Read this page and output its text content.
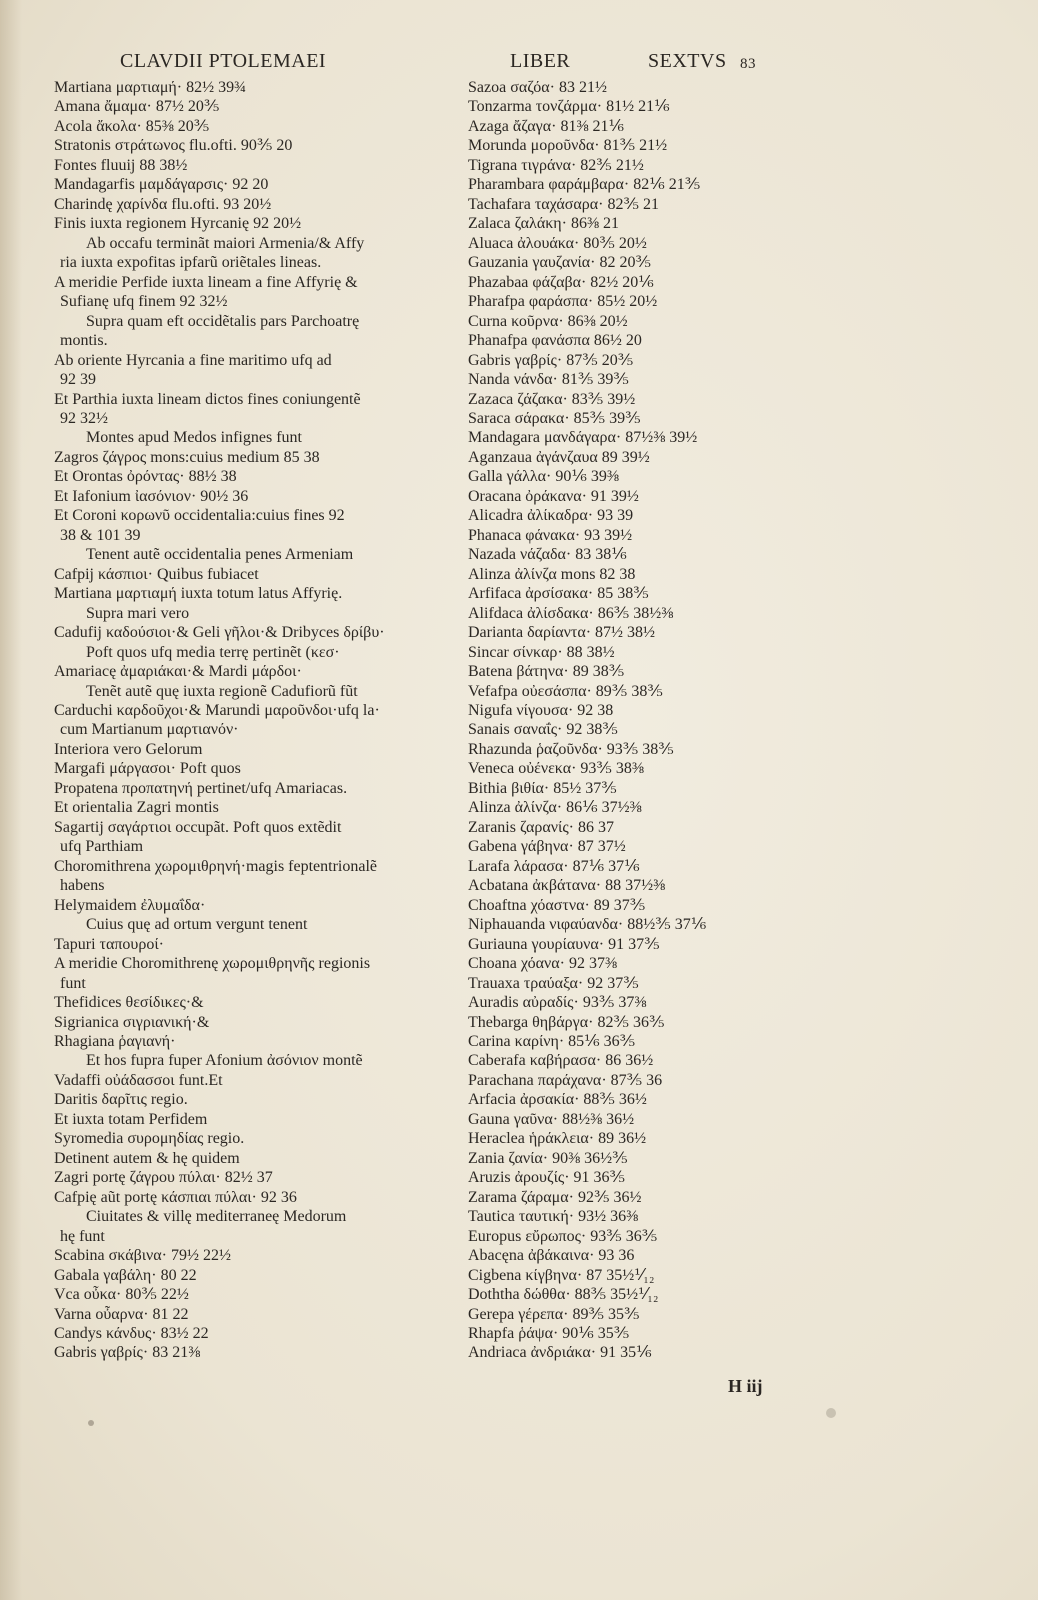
CLAVDII PTOLEMAEI	LIBER	SEXTVS 83
Martiana μαρτιαμή· 82½ 39¾
Amana ἄμαμα· 87½ 20⅗
Acola ἄκολα· 85⅜ 20⅗
Stratonis στράτωνος flu.ofti. 90⅗ 20
Fontes fluuij 88 38½
Mandagarfis μαμδάγαρσις· 92 20
Charindę χαρίνδα flu.ofti. 93 20½
Finis iuxta regionem Hyrcanię 92 20½
Ab occafu terminãt maiori Armenia/& Affy
ria iuxta expofitas ipfarũ oriẽtales lineas.
A meridie Perfide iuxta lineam a fine Affyrię &
Sufianę ufq finem 92 32½
Supra quam eft occidẽtalis pars Parchoatrę
montis.
Ab oriente Hyrcania a fine maritimo ufq ad
92 39
Et Parthia iuxta lineam dictos fines coniungentẽ
92 32½
Montes apud Medos infignes funt
Zagros ζάγρος mons:cuius medium 85 38
Et Orontas ὀρόντας· 88½ 38
Et Iafonium ἰασόνιον· 90½ 36
Et Coroni κορωνῦ occidentalia:cuius fines 92
38 & 101 39
Tenent autẽ occidentalia penes Armeniam
Cafpij κάσπιοι· Quibus fubiacet
Martiana μαρτιαμή iuxta totum latus Affyrię.
Supra mari vero
Cadufij καδούσιοι·& Geli γῆλοι·& Dribyces δρίβυ·
Poft quos ufq media terrę pertinẽt (κεσ·
Amariacę ἀμαριάκαι·& Mardi μάρδοι·
Tenẽt autẽ quę iuxta regionẽ Cadufiorũ fũt
Carduchi καρδοῦχοι·& Marundi μαροῦνδοι·ufq la·
cum Martianum μαρτιανόν·
Interiora vero Gelorum
Margafi μάργασοι· Poft quos
Propatena προπατηνή pertinet/ufq Amariacas.
Et orientalia Zagri montis
Sagartij σαγάρτιοι occupãt. Poft quos extẽdit
ufq Parthiam
Choromithrena χωρομιθρηνή·magis feptentrionalẽ
habens
Helymaidem ἐλυμαΐδα·
Cuius quę ad ortum vergunt tenent
Tapuri ταπουροί·
A meridie Choromithrenę χωρομιθρηνῆς regionis
funt
Thefidices θεσίδικες·&
Sigrianica σιγριανική·&
Rhagiana ῥαγιανή·
Et hos fupra fuper Afonium ἀσόνιον montẽ
Vadaffi οὐάδασσοι funt.Et
Daritis δαρῖτις regio.
Et iuxta totam Perfidem
Syromedia συρομηδίας regio.
Detinent autem & hę quidem
Zagri portę ζάγρου πύλαι· 82½ 37
Cafpię aũt portę κάσπιαι πύλαι· 92 36
Ciuitates & villę mediterraneę Medorum
hę funt
Scabina σκάβινα· 79½ 22½
Gabala γαβάλη· 80 22
Vca οὖκα· 80⅗ 22½
Varna οὖαρνα· 81 22
Candys κάνδυς· 83½ 22
Gabris γαβρίς· 83 21⅜
Sazoa σαζόα· 83 21½
Tonzarma τονζάρμα· 81½ 21⅙
Azaga ἄζαγα· 81⅜ 21⅙
Morunda μοροῦνδα· 81⅗ 21½
Tigrana τιγράνα· 82⅗ 21½
Pharambara φαράμβαρα· 82⅙ 21⅗
Tachafara ταχάσαρα· 82⅗ 21
Zalaca ζαλάκη· 86⅜ 21
Aluaca ἀλουάκα· 80⅗ 20½
Gauzania γαυζανία· 82 20⅗
Phazabaa φάζαβα· 82½ 20⅙
Pharafpa φαράσπα· 85½ 20½
Curna κοῦρνα· 86⅜ 20½
Phanafpa φανάσπα 86½ 20
Gabris γαβρίς· 87⅗ 20⅗
Nanda νάνδα· 81⅗ 39⅗
Zazaca ζάζακα· 83⅗ 39½
Saraca σάρακα· 85⅗ 39⅗
Mandagara μανδάγαρα· 87½⅜ 39½
Aganzaua ἀγάνζαυα 89 39½
Galla γάλλα· 90⅙ 39⅜
Oracana ὀράκανα· 91 39½
Alicadra ἀλίκαδρα· 93 39
Phanaca φάνακα· 93 39½
Nazada νάζαδα· 83 38⅙
Alinza ἀλίνζα mons 82 38
Arfifaca ἀρσίσακα· 85 38⅗
Alifdaca ἀλίσδακα· 86⅗ 38½⅜
Darianta δαρίαντα· 87½ 38½
Sincar σίνκαρ· 88 38½
Batena βάτηνα· 89 38⅗
Vefafpa οὐεσάσπα· 89⅗ 38⅗
Nigufa νίγουσα· 92 38
Sanais σαναΐς· 92 38⅗
Rhazunda ῥαζοῦνδα· 93⅗ 38⅗
Veneca οὐένεκα· 93⅗ 38⅜
Bithia βιθία· 85½ 37⅗
Alinza ἀλίνζα· 86⅙ 37½⅜
Zaranis ζαρανίς· 86 37
Gabena γάβηνα· 87 37½
Larafa λάρασα· 87⅙ 37⅙
Acbatana ἀκβάτανα· 88 37½⅜
Choaftna χόαστνα· 89 37⅗
Niphauanda νιφαύανδα· 88½⅗ 37⅙
Guriauna γουρίαυνα· 91 37⅗
Choana χόανα· 92 37⅜
Trauaxa τραύαξα· 92 37⅗
Auradis αὐραδίς· 93⅗ 37⅜
Thebarga θηβάργα· 82⅗ 36⅗
Carina καρίνη· 85⅙ 36⅗
Caberafa καβήρασα· 86 36½
Parachana παράχανα· 87⅗ 36
Arfacia ἀρσακία· 88⅗ 36½
Gauna γαῦνα· 88½⅜ 36½
Heraclea ἡράκλεια· 89 36½
Zania ζανία· 90⅜ 36½⅗
Aruzis ἀρουζίς· 91 36⅗
Zarama ζάραμα· 92⅗ 36½
Tautica ταυτική· 93½ 36⅜
Europus εὔρωπος· 93⅗ 36⅗
Abacęna ἀβάκαινα· 93 36
Cigbena κίγβηνα· 87 35½⅟₁₂
Doththa δώθθα· 88⅗ 35½⅟₁₂
Gerepa γέρεπα· 89⅗ 35⅗
Rhapfa ῥάψα· 90⅙ 35⅗
Andriaca ἀνδριάκα· 91 35⅙
H iij
